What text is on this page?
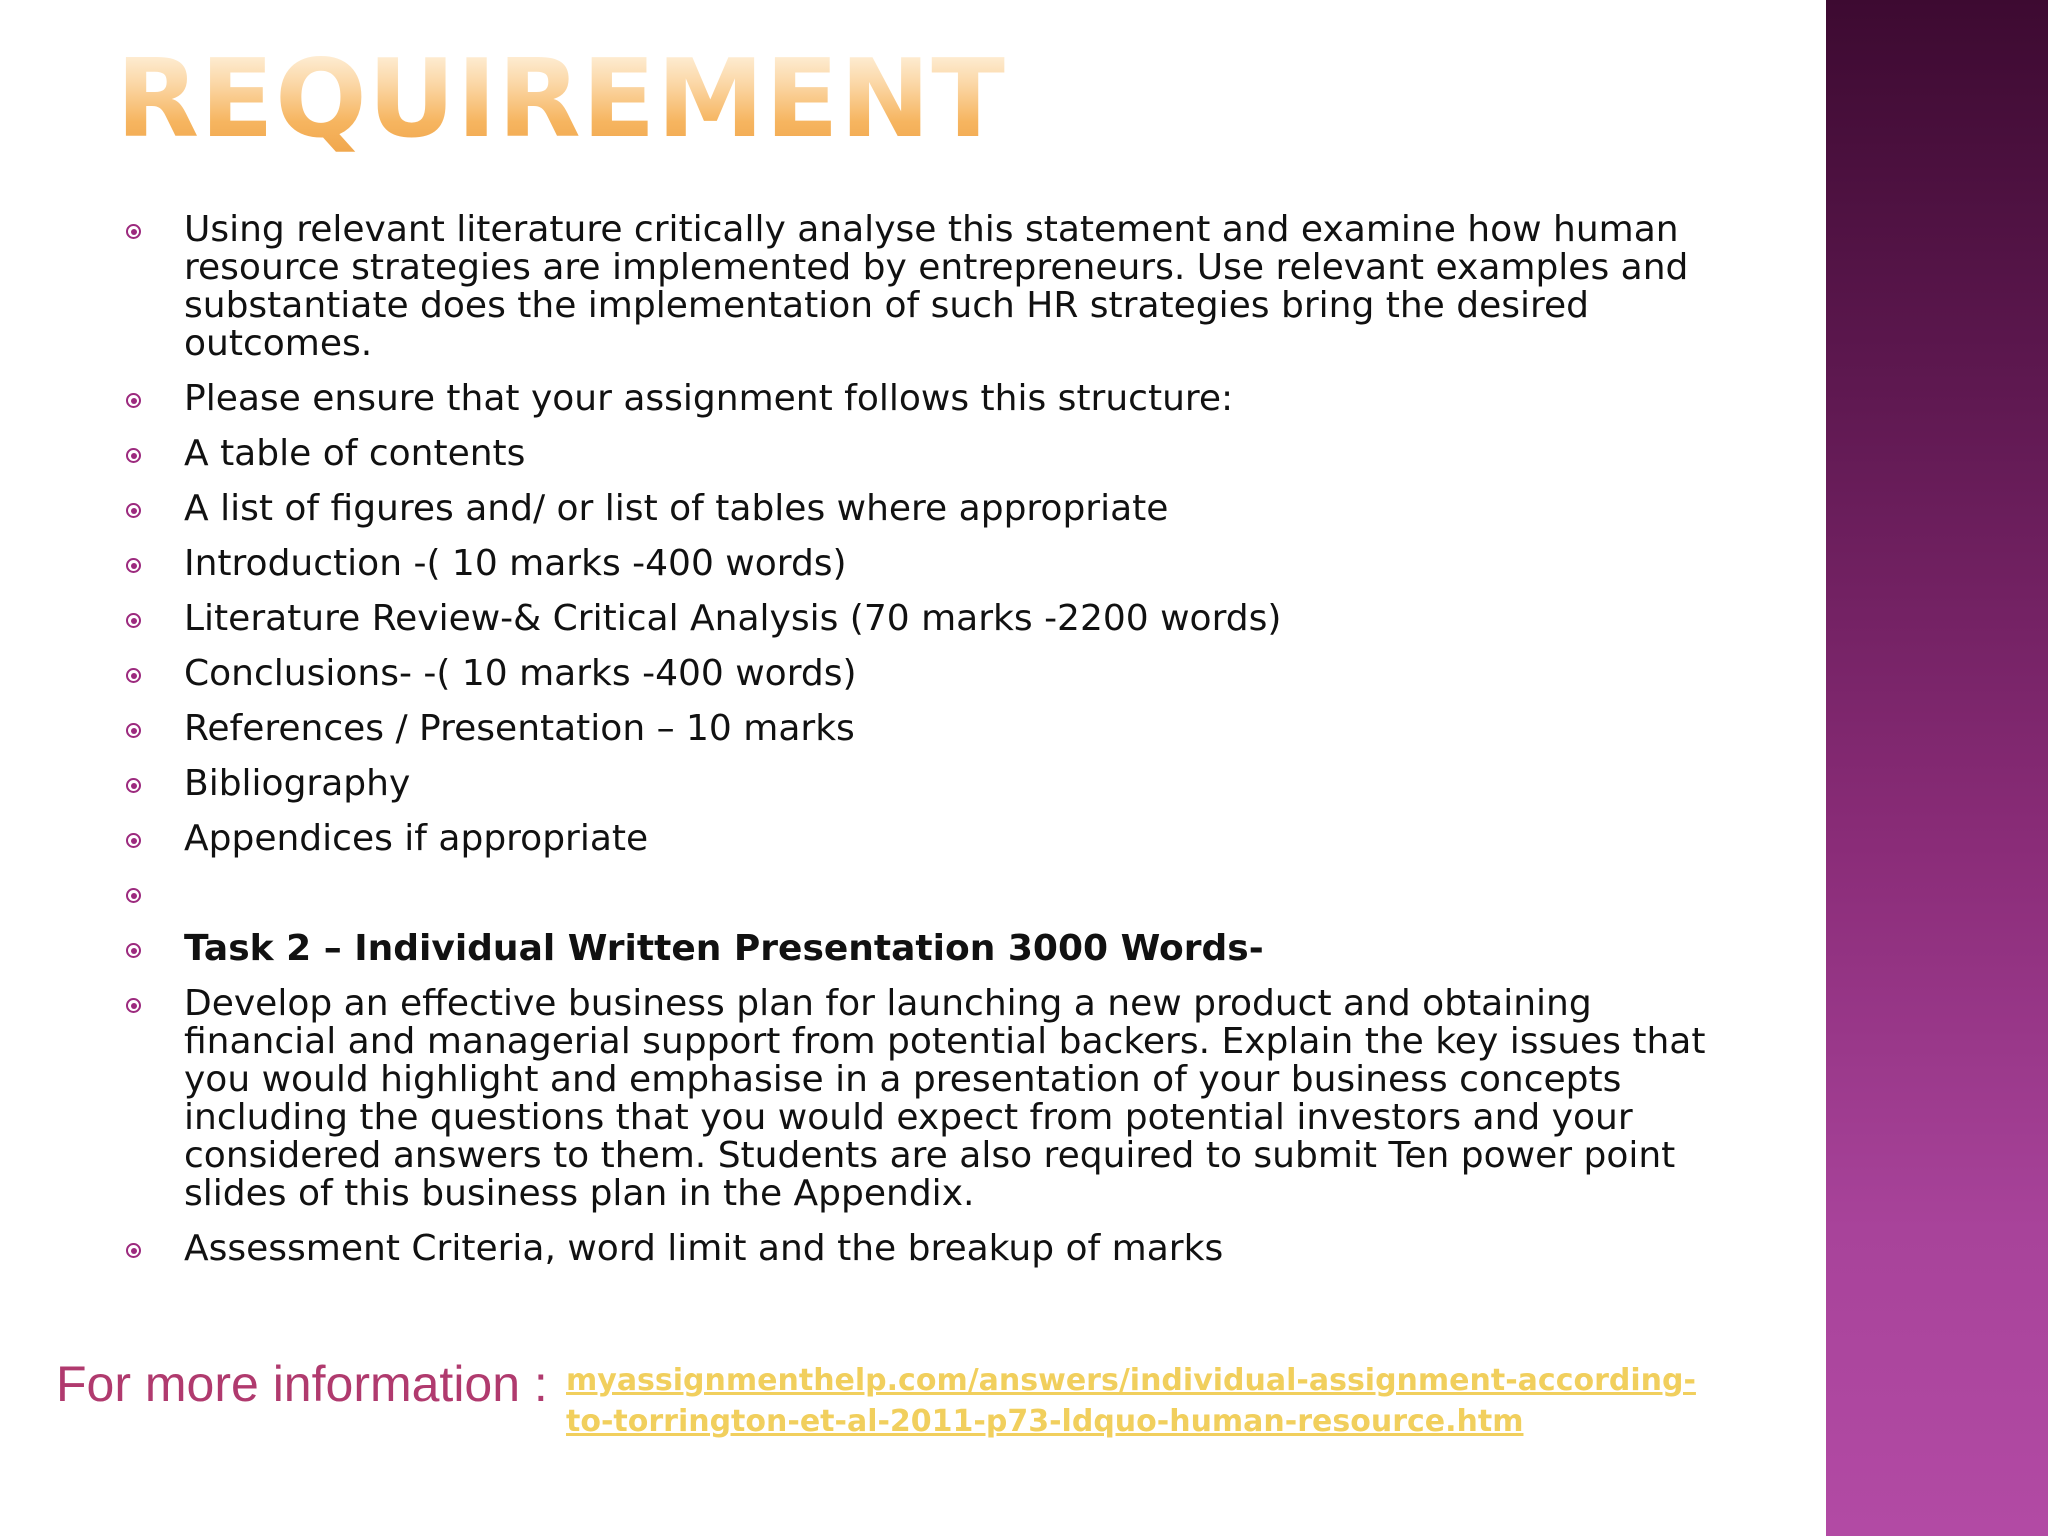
REQUIREMENT
Using relevant literature critically analyse this statement and examine how human resource strategies are implemented by entrepreneurs. Use relevant examples and substantiate does the implementation of such HR strategies bring the desired outcomes.
Please ensure that your assignment follows this structure:
A table of contents
A list of figures and/ or list of tables where appropriate
Introduction -( 10 marks -400 words)
Literature Review-& Critical Analysis (70 marks -2200 words)
Conclusions- -( 10 marks -400 words)
References / Presentation – 10 marks
Bibliography
Appendices if appropriate
Task 2 – Individual Written Presentation 3000 Words-
Develop an effective business plan for launching a new product and obtaining financial and managerial support from potential backers. Explain the key issues that you would highlight and emphasise in a presentation of your business concepts including the questions that you would expect from potential investors and your considered answers to them. Students are also required to submit Ten power point slides of this business plan in the Appendix.
Assessment Criteria, word limit and the breakup of marks

For more information : myassignmenthelp.com/answers/individual-assignment-according-to-torrington-et-al-2011-p73-ldquo-human-resource.htm
